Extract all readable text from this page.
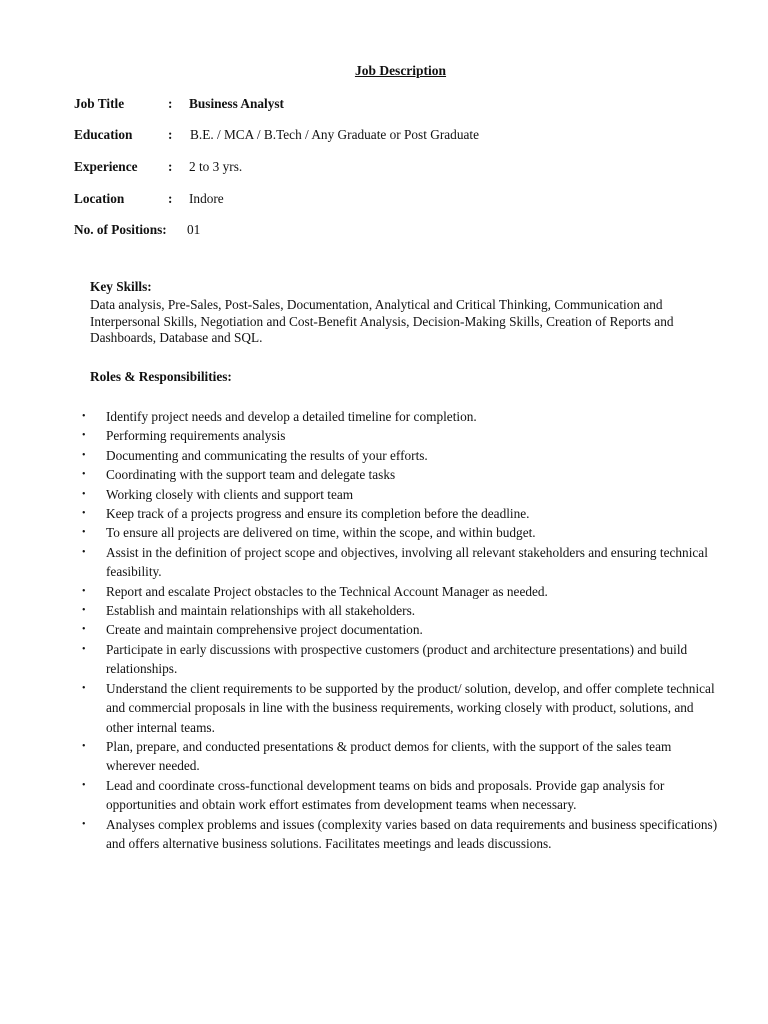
Job Description
Job Title	: Business Analyst
Education	: B.E. / MCA / B.Tech / Any Graduate or Post Graduate
Experience : 2 to 3 yrs.
Location	: Indore
No. of Positions: 01
Key Skills:
Data analysis, Pre-Sales, Post-Sales, Documentation, Analytical and Critical Thinking, Communication and Interpersonal Skills, Negotiation and Cost-Benefit Analysis, Decision-Making Skills, Creation of Reports and Dashboards, Database and SQL.
Roles & Responsibilities:
• Identify project needs and develop a detailed timeline for completion.
• Performing requirements analysis
• Documenting and communicating the results of your efforts.
• Coordinating with the support team and delegate tasks
• Working closely with clients and support team
• Keep track of a projects progress and ensure its completion before the deadline.
• To ensure all projects are delivered on time, within the scope, and within budget.
• Assist in the definition of project scope and objectives, involving all relevant stakeholders and ensuring technical feasibility.
• Report and escalate Project obstacles to the Technical Account Manager as needed.
• Establish and maintain relationships with all stakeholders.
• Create and maintain comprehensive project documentation.
• Participate in early discussions with prospective customers (product and architecture presentations) and build relationships.
• Understand the client requirements to be supported by the product/ solution, develop, and offer complete technical and commercial proposals in line with the business requirements, working closely with product, solutions, and other internal teams.
• Plan, prepare, and conducted presentations & product demos for clients, with the support of the sales team wherever needed.
• Lead and coordinate cross-functional development teams on bids and proposals. Provide gap analysis for opportunities and obtain work effort estimates from development teams when necessary.
• Analyses complex problems and issues (complexity varies based on data requirements and business specifications) and offers alternative business solutions. Facilitates meetings and leads discussions.
